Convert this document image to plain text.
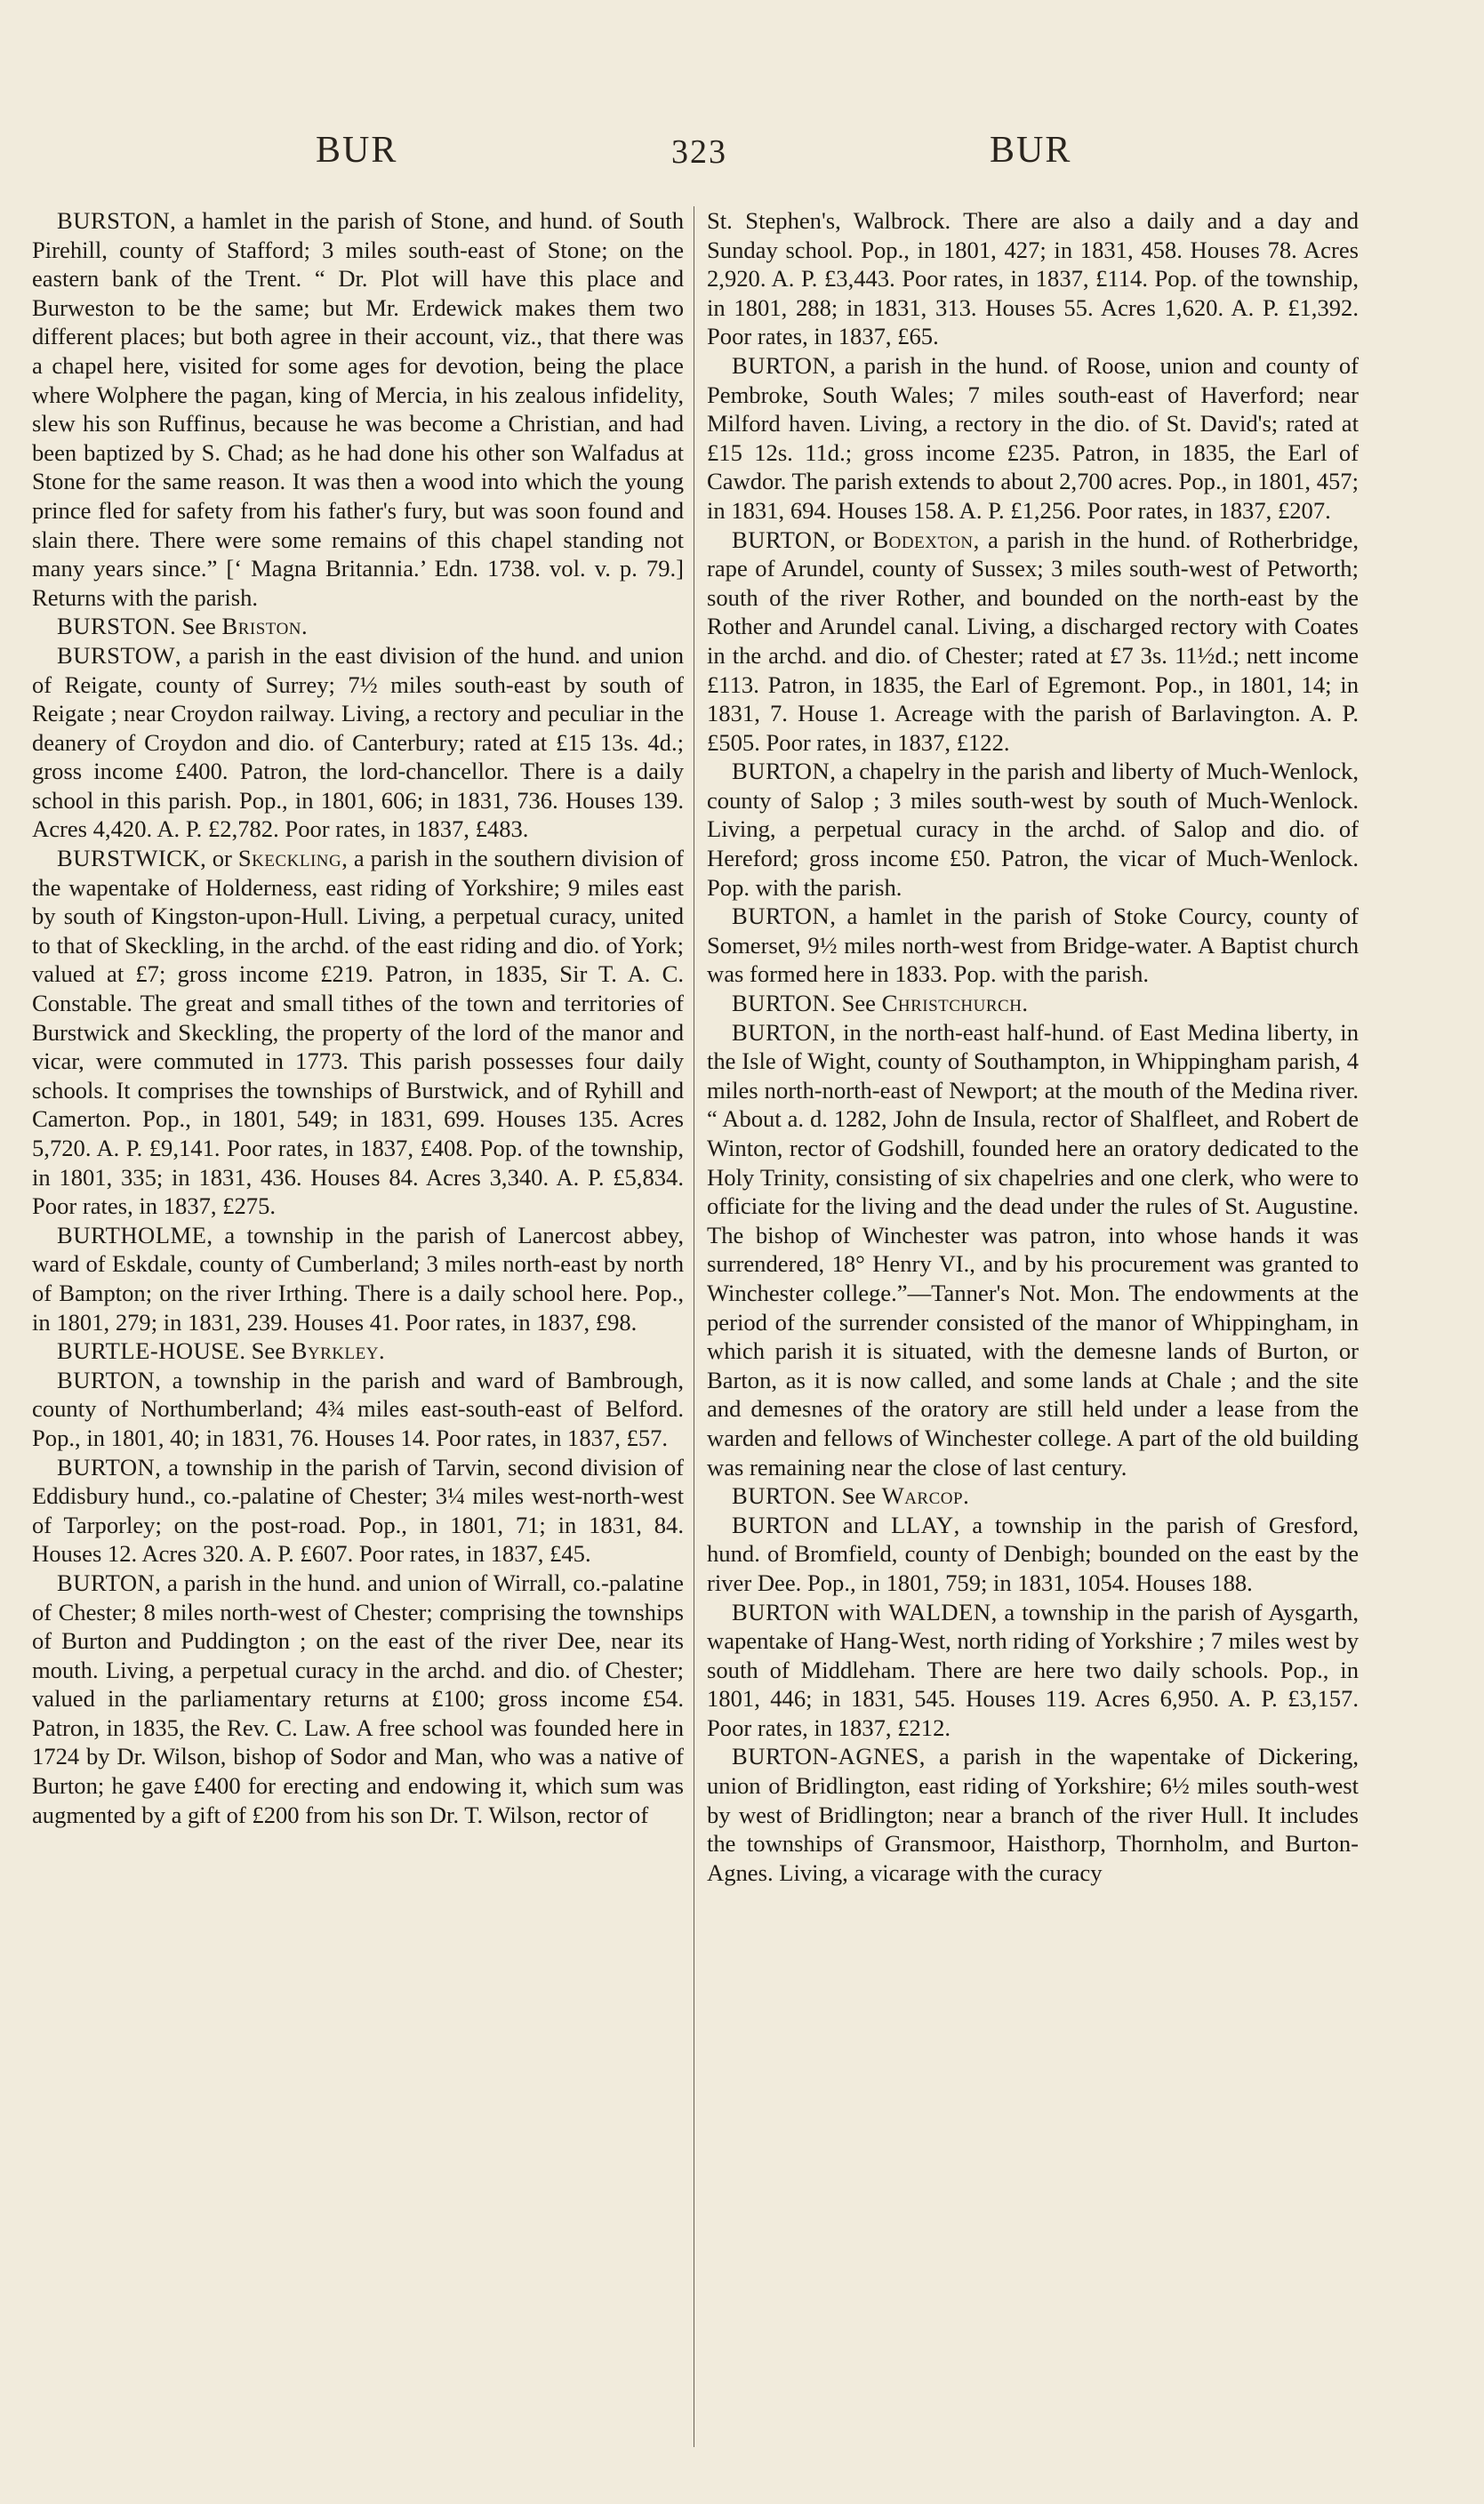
BUR	323	BUR

BURSTON, a hamlet in the parish of Stone, and hund. of South Pirehill, county of Stafford; 3 miles south-east of Stone; on the eastern bank of the Trent. “ Dr. Plot will have this place and Burweston to be the same; but Mr. Erdewick makes them two different places; but both agree in their account, viz., that there was a chapel here, visited for some ages for devotion, being the place where Wolphere the pagan, king of Mercia, in his zealous infidelity, slew his son Ruffinus, because he was become a Christian, and had been baptized by S. Chad; as he had done his other son Walfadus at Stone for the same reason. It was then a wood into which the young prince fled for safety from his father's fury, but was soon found and slain there. There were some remains of this chapel standing not many years since.” [‘ Magna Britannia.’ Edn. 1738. vol. v. p. 79.] Returns with the parish.

BURSTON. See Briston.

BURSTOW, a parish in the east division of the hund. and union of Reigate, county of Surrey; 7½ miles south-east by south of Reigate ; near Croydon railway. Living, a rectory and peculiar in the deanery of Croydon and dio. of Canterbury; rated at £15 13s. 4d.; gross income £400. Patron, the lord-chancellor. There is a daily school in this parish. Pop., in 1801, 606; in 1831, 736. Houses 139. Acres 4,420. A. P. £2,782. Poor rates, in 1837, £483.

BURSTWICK, or Skeckling, a parish in the southern division of the wapentake of Holderness, east riding of Yorkshire; 9 miles east by south of Kingston-upon-Hull. Living, a perpetual curacy, united to that of Skeckling, in the archd. of the east riding and dio. of York; valued at £7; gross income £219. Patron, in 1835, Sir T. A. C. Constable. The great and small tithes of the town and territories of Burstwick and Skeckling, the property of the lord of the manor and vicar, were commuted in 1773. This parish possesses four daily schools. It comprises the townships of Burstwick, and of Ryhill and Camerton. Pop., in 1801, 549; in 1831, 699. Houses 135. Acres 5,720. A. P. £9,141. Poor rates, in 1837, £408. Pop. of the township, in 1801, 335; in 1831, 436. Houses 84. Acres 3,340. A. P. £5,834. Poor rates, in 1837, £275.

BURTHOLME, a township in the parish of Lanercost abbey, ward of Eskdale, county of Cumberland; 3 miles north-east by north of Bampton; on the river Irthing. There is a daily school here. Pop., in 1801, 279; in 1831, 239. Houses 41. Poor rates, in 1837, £98.

BURTLE-HOUSE. See Byrkley.

BURTON, a township in the parish and ward of Bambrough, county of Northumberland; 4¾ miles east-south-east of Belford. Pop., in 1801, 40; in 1831, 76. Houses 14. Poor rates, in 1837, £57.

BURTON, a township in the parish of Tarvin, second division of Eddisbury hund., co.-palatine of Chester; 3¼ miles west-north-west of Tarporley; on the post-road. Pop., in 1801, 71; in 1831, 84. Houses 12. Acres 320. A. P. £607. Poor rates, in 1837, £45.

BURTON, a parish in the hund. and union of Wirrall, co.-palatine of Chester; 8 miles north-west of Chester; comprising the townships of Burton and Puddington ; on the east of the river Dee, near its mouth. Living, a perpetual curacy in the archd. and dio. of Chester; valued in the parliamentary returns at £100; gross income £54. Patron, in 1835, the Rev. C. Law. A free school was founded here in 1724 by Dr. Wilson, bishop of Sodor and Man, who was a native of Burton; he gave £400 for erecting and endowing it, which sum was augmented by a gift of £200 from his son Dr. T. Wilson, rector of

St. Stephen's, Walbrock. There are also a daily and a day and Sunday school. Pop., in 1801, 427; in 1831, 458. Houses 78. Acres 2,920. A. P. £3,443. Poor rates, in 1837, £114. Pop. of the township, in 1801, 288; in 1831, 313. Houses 55. Acres 1,620. A. P. £1,392. Poor rates, in 1837, £65.

BURTON, a parish in the hund. of Roose, union and county of Pembroke, South Wales; 7 miles south-east of Haverford; near Milford haven. Living, a rectory in the dio. of St. David's; rated at £15 12s. 11d.; gross income £235. Patron, in 1835, the Earl of Cawdor. The parish extends to about 2,700 acres. Pop., in 1801, 457; in 1831, 694. Houses 158. A. P. £1,256. Poor rates, in 1837, £207.

BURTON, or Bodexton, a parish in the hund. of Rotherbridge, rape of Arundel, county of Sussex; 3 miles south-west of Petworth; south of the river Rother, and bounded on the north-east by the Rother and Arundel canal. Living, a discharged rectory with Coates in the archd. and dio. of Chester; rated at £7 3s. 11½d.; nett income £113. Patron, in 1835, the Earl of Egremont. Pop., in 1801, 14; in 1831, 7. House 1. Acreage with the parish of Barlavington. A. P. £505. Poor rates, in 1837, £122.

BURTON, a chapelry in the parish and liberty of Much-Wenlock, county of Salop ; 3 miles south-west by south of Much-Wenlock. Living, a perpetual curacy in the archd. of Salop and dio. of Hereford; gross income £50. Patron, the vicar of Much-Wenlock. Pop. with the parish.

BURTON, a hamlet in the parish of Stoke Courcy, county of Somerset, 9½ miles north-west from Bridge-water. A Baptist church was formed here in 1833. Pop. with the parish.

BURTON. See Christchurch.

BURTON, in the north-east half-hund. of East Medina liberty, in the Isle of Wight, county of Southampton, in Whippingham parish, 4 miles north-north-east of Newport; at the mouth of the Medina river. “ About a. d. 1282, John de Insula, rector of Shalfleet, and Robert de Winton, rector of Godshill, founded here an oratory dedicated to the Holy Trinity, consisting of six chapelries and one clerk, who were to officiate for the living and the dead under the rules of St. Augustine. The bishop of Winchester was patron, into whose hands it was surrendered, 18° Henry VI., and by his procurement was granted to Winchester college.”—Tanner's Not. Mon. The endowments at the period of the surrender consisted of the manor of Whippingham, in which parish it is situated, with the demesne lands of Burton, or Barton, as it is now called, and some lands at Chale ; and the site and demesnes of the oratory are still held under a lease from the warden and fellows of Winchester college. A part of the old building was remaining near the close of last century.

BURTON. See Warcop.

BURTON and LLAY, a township in the parish of Gresford, hund. of Bromfield, county of Denbigh; bounded on the east by the river Dee. Pop., in 1801, 759; in 1831, 1054. Houses 188.

BURTON with WALDEN, a township in the parish of Aysgarth, wapentake of Hang-West, north riding of Yorkshire ; 7 miles west by south of Middleham. There are here two daily schools. Pop., in 1801, 446; in 1831, 545. Houses 119. Acres 6,950. A. P. £3,157. Poor rates, in 1837, £212.

BURTON-AGNES, a parish in the wapentake of Dickering, union of Bridlington, east riding of Yorkshire; 6½ miles south-west by west of Bridlington; near a branch of the river Hull. It includes the townships of Gransmoor, Haisthorp, Thornholm, and Burton-Agnes. Living, a vicarage with the curacy
